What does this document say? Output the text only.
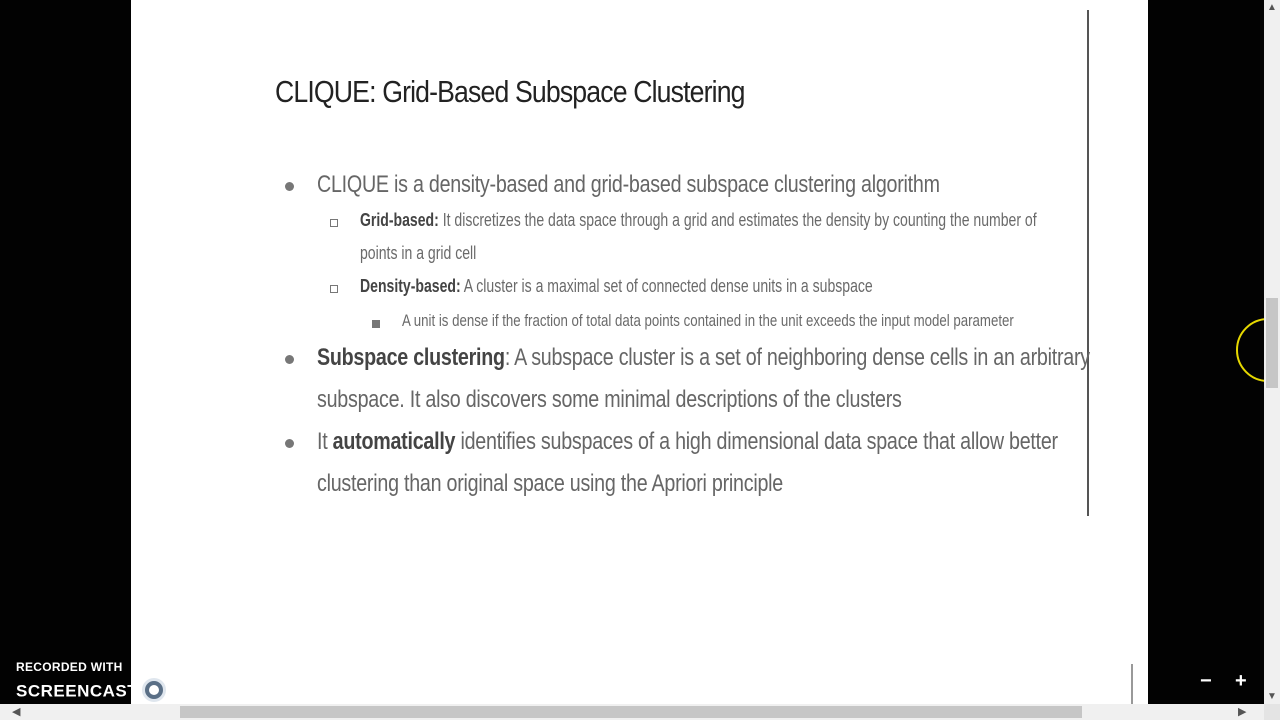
CLIQUE: Grid-Based Subspace Clustering
CLIQUE is a density-based and grid-based subspace clustering algorithm
Grid-based: It discretizes the data space through a grid and estimates the density by counting the number of
points in a grid cell
Density-based: A cluster is a maximal set of connected dense units in a subspace
A unit is dense if the fraction of total data points contained in the unit exceeds the input model parameter
Subspace clustering: A subspace cluster is a set of neighboring dense cells in an arbitrary
subspace. It also discovers some minimal descriptions of the clusters
It automatically identifies subspaces of a high dimensional data space that allow better
clustering than original space using the Apriori principle
− +
RECORDED WITH
SCREENCAST MATIC
▲
▼
◀	▶
